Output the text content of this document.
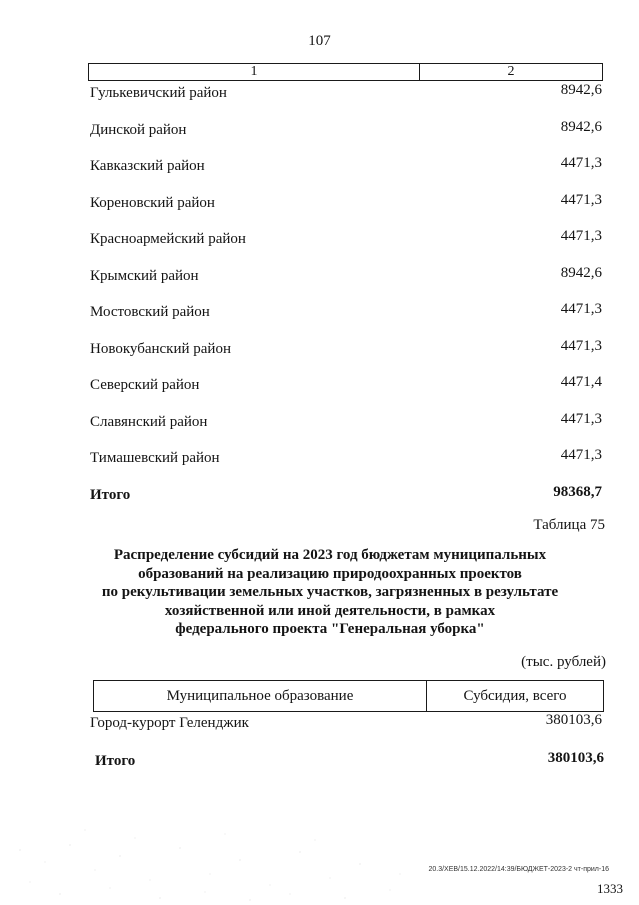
107
1	2
Гулькевичский район	8942,6
Динской район	8942,6
Кавказский район	4471,3
Кореновский район	4471,3
Красноармейский район	4471,3
Крымский район	8942,6
Мостовский район	4471,3
Новокубанский район	4471,3
Северский район	4471,4
Славянский район	4471,3
Тимашевский район	4471,3
Итого	98368,7
Таблица 75
Распределение субсидий на 2023 год бюджетам муниципальных
образований на реализацию природоохранных проектов
по рекультивации земельных участков, загрязненных в результате
хозяйственной или иной деятельности, в рамках
федерального проекта "Генеральная уборка"
(тыс. рублей)
Муниципальное образование	Субсидия, всего
Город-курорт Геленджик	380103,6
Итого	380103,6
20.3/ХЕВ/15.12.2022/14:39/БЮДЖЕТ-2023-2 чт-прил-16
1333
